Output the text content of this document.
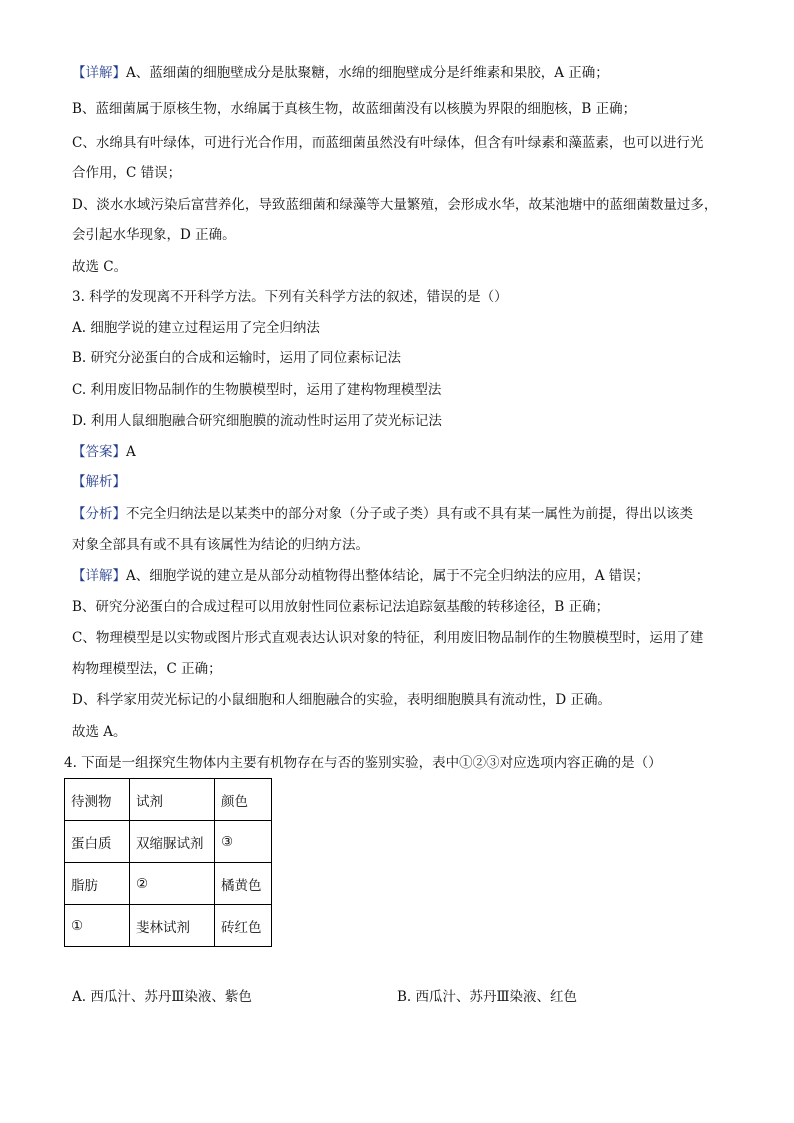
【详解】A、蓝细菌的细胞壁成分是肽聚糖，水绵的细胞壁成分是纤维素和果胶，A 正确；
B、蓝细菌属于原核生物，水绵属于真核生物，故蓝细菌没有以核膜为界限的细胞核，B 正确；
C、水绵具有叶绿体，可进行光合作用，而蓝细菌虽然没有叶绿体，但含有叶绿素和藻蓝素，也可以进行光
合作用，C 错误；
D、淡水水域污染后富营养化，导致蓝细菌和绿藻等大量繁殖，会形成水华，故某池塘中的蓝细菌数量过多，
会引起水华现象，D 正确。
故选 C。
3. 科学的发现离不开科学方法。下列有关科学方法的叙述，错误的是（）
A. 细胞学说的建立过程运用了完全归纳法
B. 研究分泌蛋白的合成和运输时，运用了同位素标记法
C. 利用废旧物品制作的生物膜模型时，运用了建构物理模型法
D. 利用人鼠细胞融合研究细胞膜的流动性时运用了荧光标记法
【答案】A
【解析】
【分析】不完全归纳法是以某类中的部分对象（分子或子类）具有或不具有某一属性为前提，得出以该类
对象全部具有或不具有该属性为结论的归纳方法。
【详解】A、细胞学说的建立是从部分动植物得出整体结论，属于不完全归纳法的应用，A 错误；
B、研究分泌蛋白的合成过程可以用放射性同位素标记法追踪氨基酸的转移途径，B 正确；
C、物理模型是以实物或图片形式直观表达认识对象的特征，利用废旧物品制作的生物膜模型时，运用了建
构物理模型法，C 正确；
D、科学家用荧光标记的小鼠细胞和人细胞融合的实验，表明细胞膜具有流动性，D 正确。
故选 A。
4. 下面是一组探究生物体内主要有机物存在与否的鉴别实验，表中①②③对应选项内容正确的是（）
待测物	试剂	颜色
蛋白质	双缩脲试剂	③
脂肪	②	橘黄色
①	斐林试剂	砖红色
A. 西瓜汁、苏丹Ⅲ染液、紫色	B. 西瓜汁、苏丹Ⅲ染液、红色
